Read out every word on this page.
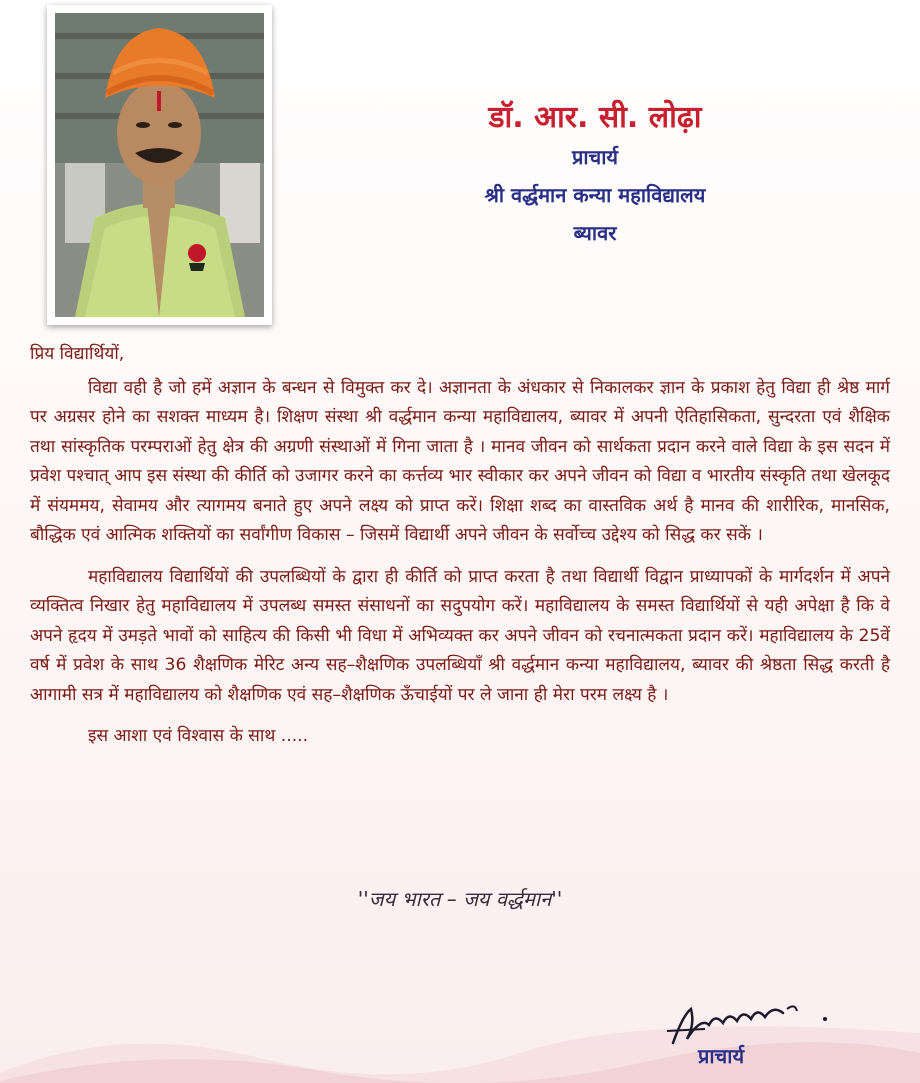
डॉ. आर. सी. लोढ़ा

प्राचार्य

श्री वर्द्धमान कन्या महाविद्यालय

ब्यावर

प्रिय विद्यार्थियों,

विद्या वही है जो हमें अज्ञान के बन्धन से विमुक्त कर दे। अज्ञानता के अंधकार से निकालकर ज्ञान के प्रकाश हेतु विद्या ही श्रेष्ठ मार्ग पर अग्रसर होने का सशक्त माध्यम है। शिक्षण संस्था श्री वर्द्धमान कन्या महाविद्यालय, ब्यावर में अपनी ऐतिहासिकता, सुन्दरता एवं शैक्षिक तथा सांस्कृतिक परम्पराओं हेतु क्षेत्र की अग्रणी संस्थाओं में गिना जाता है । मानव जीवन को सार्थकता प्रदान करने वाले विद्या के इस सदन में प्रवेश पश्चात् आप इस संस्था की कीर्ति को उजागर करने का कर्त्तव्य भार स्वीकार कर अपने जीवन को विद्या व भारतीय संस्कृति तथा खेलकूद में संयममय, सेवामय और त्यागमय बनाते हुए अपने लक्ष्य को प्राप्त करें। शिक्षा शब्द का वास्तविक अर्थ है मानव की शारीरिक, मानसिक, बौद्धिक एवं आत्मिक शक्तियों का सर्वांगीण विकास – जिसमें विद्यार्थी अपने जीवन के सर्वोच्च उद्देश्य को सिद्ध कर सकें ।

महाविद्यालय विद्यार्थियों की उपलब्धियों के द्वारा ही कीर्ति को प्राप्त करता है तथा विद्यार्थी विद्वान प्राध्यापकों के मार्गदर्शन में अपने व्यक्तित्व निखार हेतु महाविद्यालय में उपलब्ध समस्त संसाधनों का सदुपयोग करें। महाविद्यालय के समस्त विद्यार्थियों से यही अपेक्षा है कि वे अपने हृदय में उमड़ते भावों को साहित्य की किसी भी विधा में अभिव्यक्त कर अपने जीवन को रचनात्मकता प्रदान करें। महाविद्यालय के 25वें वर्ष में प्रवेश के साथ 36 शैक्षणिक मेरिट अन्य सह–शैक्षणिक उपलब्धियाँ श्री वर्द्धमान कन्या महाविद्यालय, ब्यावर की श्रेष्ठता सिद्ध करती है आगामी सत्र में महाविद्यालय को शैक्षणिक एवं सह–शैक्षणिक ऊँचाईयों पर ले जाना ही मेरा परम लक्ष्य है ।

इस आशा एवं विश्वास के साथ .....

''जय भारत – जय वर्द्धमान''
प्राचार्य
